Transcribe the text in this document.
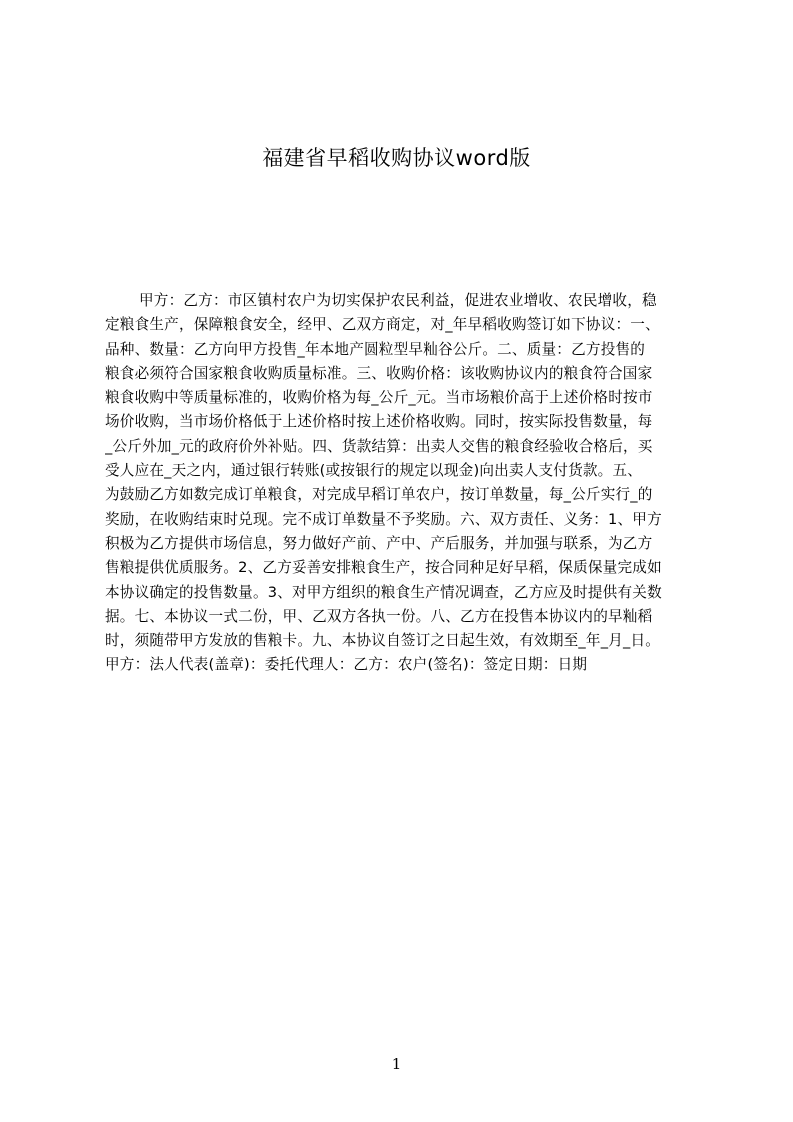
福建省早稻收购协议word版
甲方：乙方：市区镇村农户为切实保护农民利益，促进农业增收、农民增收，稳
定粮食生产，保障粮食安全，经甲、乙双方商定，对_年早稻收购签订如下协议：一、
品种、数量：乙方向甲方投售_年本地产圆粒型早籼谷公斤。二、质量：乙方投售的
粮食必须符合国家粮食收购质量标准。三、收购价格：该收购协议内的粮食符合国家
粮食收购中等质量标准的，收购价格为每_公斤_元。当市场粮价高于上述价格时按市
场价收购，当市场价格低于上述价格时按上述价格收购。同时，按实际投售数量，每
_公斤外加_元的政府价外补贴。四、货款结算：出卖人交售的粮食经验收合格后，买
受人应在_天之内，通过银行转账(或按银行的规定以现金)向出卖人支付货款。五、
为鼓励乙方如数完成订单粮食，对完成早稻订单农户，按订单数量，每_公斤实行_的
奖励，在收购结束时兑现。完不成订单数量不予奖励。六、双方责任、义务：1、甲方
积极为乙方提供市场信息，努力做好产前、产中、产后服务，并加强与联系，为乙方
售粮提供优质服务。2、乙方妥善安排粮食生产，按合同种足好早稻，保质保量完成如
本协议确定的投售数量。3、对甲方组织的粮食生产情况调查，乙方应及时提供有关数
据。七、本协议一式二份，甲、乙双方各执一份。八、乙方在投售本协议内的早籼稻
时，须随带甲方发放的售粮卡。九、本协议自签订之日起生效，有效期至_年_月_日。
甲方：法人代表(盖章)：委托代理人：乙方：农户(签名)：签定日期：日期
1
